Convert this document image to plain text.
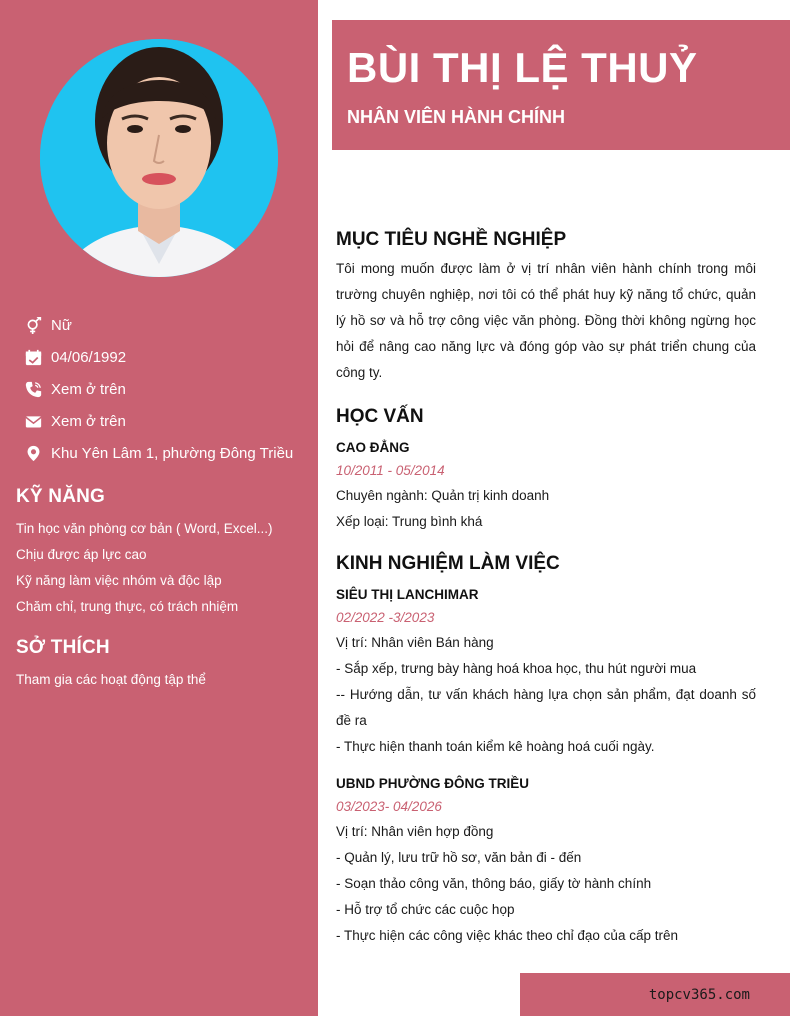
Nữ
04/06/1992
Xem ở trên
Xem ở trên
Khu Yên Lâm 1, phường Đông Triều
KỸ NĂNG
Tin học văn phòng cơ bản ( Word, Excel...)
Chịu được áp lực cao
Kỹ năng làm việc nhóm và độc lập
Chăm chỉ, trung thực, có trách nhiệm
SỞ THÍCH
Tham gia các hoạt động tập thể
BÙI THỊ LỆ THUỶ
NHÂN VIÊN HÀNH CHÍNH
MỤC TIÊU NGHỀ NGHIỆP
Tôi mong muốn được làm ở vị trí nhân viên hành chính trong môi trường chuyên nghiệp, nơi tôi có thể phát huy kỹ năng tổ chức, quản lý hồ sơ và hỗ trợ công việc văn phòng. Đồng thời không ngừng học hỏi để nâng cao năng lực và đóng góp vào sự phát triển chung của công ty.
HỌC VẤN
CAO ĐẲNG
10/2011 - 05/2014
Chuyên ngành: Quản trị kinh doanh
Xếp loại: Trung bình khá
KINH NGHIỆM LÀM VIỆC
SIÊU THỊ LANCHIMAR
02/2022 -3/2023
Vị trí: Nhân viên Bán hàng
- Sắp xếp, trưng bày hàng hoá khoa học, thu hút người mua
-- Hướng dẫn, tư vấn khách hàng lựa chọn sản phẩm, đạt doanh số đề ra
- Thực hiện thanh toán kiểm kê hoàng hoá cuối ngày.
UBND PHƯỜNG ĐÔNG TRIỀU
03/2023- 04/2026
Vị trí: Nhân viên hợp đồng
- Quản lý, lưu trữ hồ sơ, văn bản đi - đến
- Soạn thảo công văn, thông báo, giấy tờ hành chính
- Hỗ trợ tổ chức các cuộc họp
- Thực hiện các công việc khác theo chỉ đạo của cấp trên
topcv365.com
